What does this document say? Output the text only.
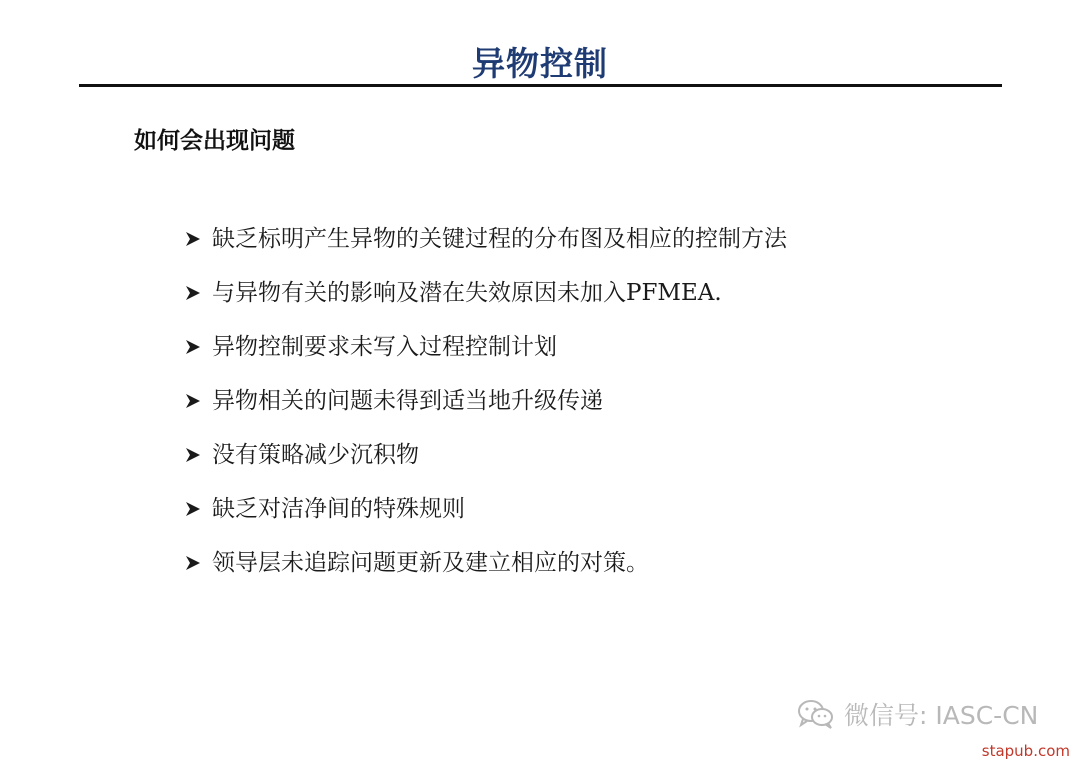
异物控制
如何会出现问题
缺乏标明产生异物的关键过程的分布图及相应的控制方法
与异物有关的影响及潜在失效原因未加入PFMEA.
异物控制要求未写入过程控制计划
异物相关的问题未得到适当地升级传递
没有策略减少沉积物
缺乏对洁净间的特殊规则
领导层未追踪问题更新及建立相应的对策。
微信号: IASC-CN
stapub.com
